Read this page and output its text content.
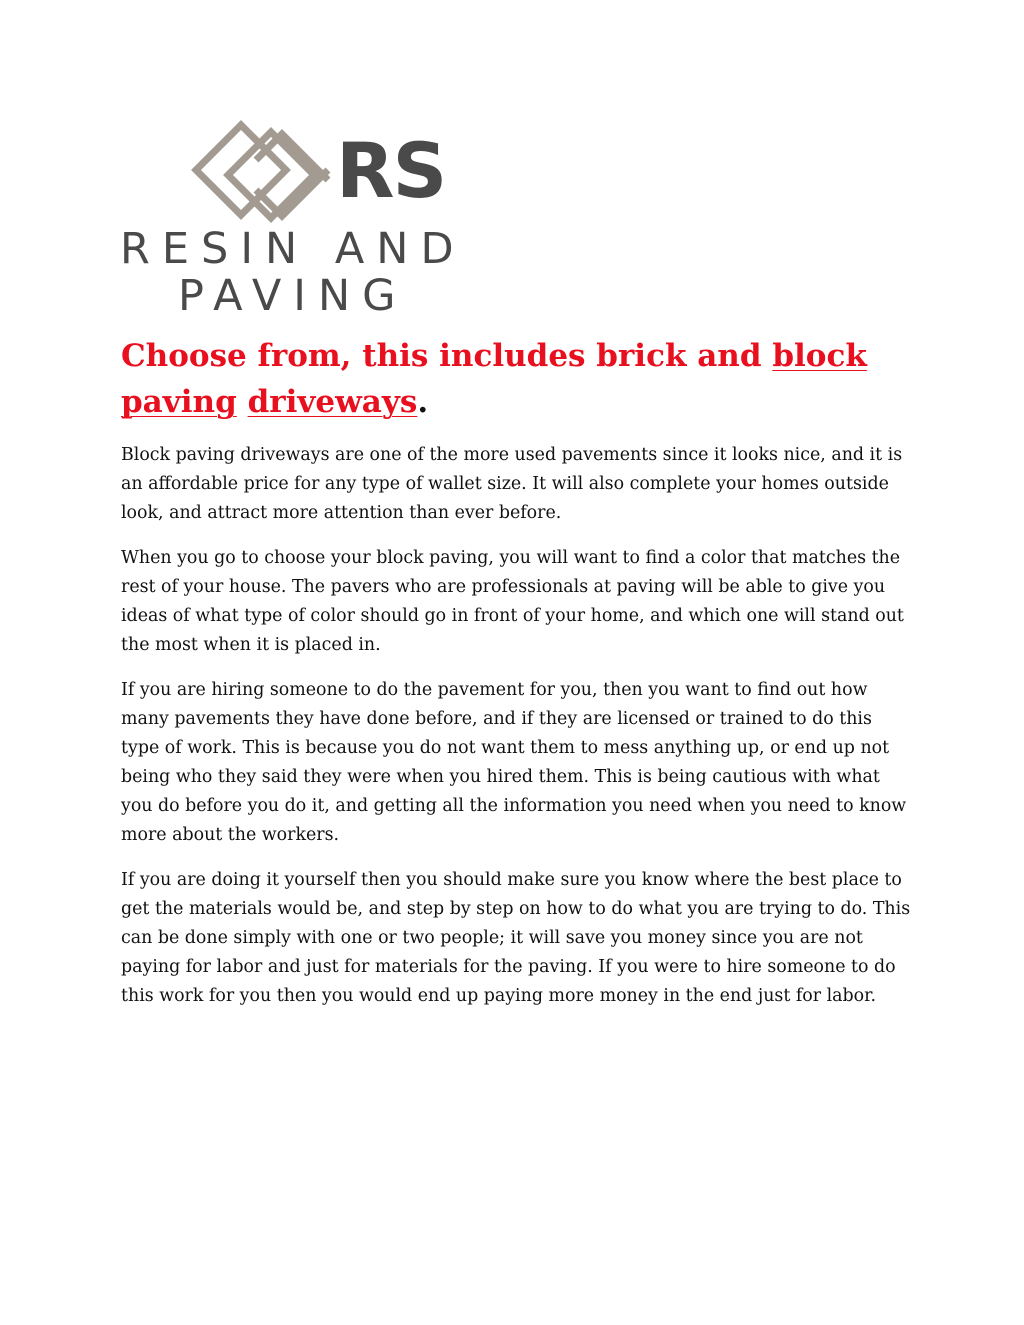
RS
RESIN AND
PAVING
Choose from, this includes brick and block paving driveways.

Block paving driveways are one of the more used pavements since it looks nice, and it is an affordable price for any type of wallet size. It will also complete your homes outside look, and attract more attention than ever before.

When you go to choose your block paving, you will want to find a color that matches the rest of your house. The pavers who are professionals at paving will be able to give you ideas of what type of color should go in front of your home, and which one will stand out the most when it is placed in.

If you are hiring someone to do the pavement for you, then you want to find out how many pavements they have done before, and if they are licensed or trained to do this type of work. This is because you do not want them to mess anything up, or end up not being who they said they were when you hired them. This is being cautious with what you do before you do it, and getting all the information you need when you need to know more about the workers.

If you are doing it yourself then you should make sure you know where the best place to get the materials would be, and step by step on how to do what you are trying to do. This can be done simply with one or two people; it will save you money since you are not paying for labor and just for materials for the paving. If you were to hire someone to do this work for you then you would end up paying more money in the end just for labor.
